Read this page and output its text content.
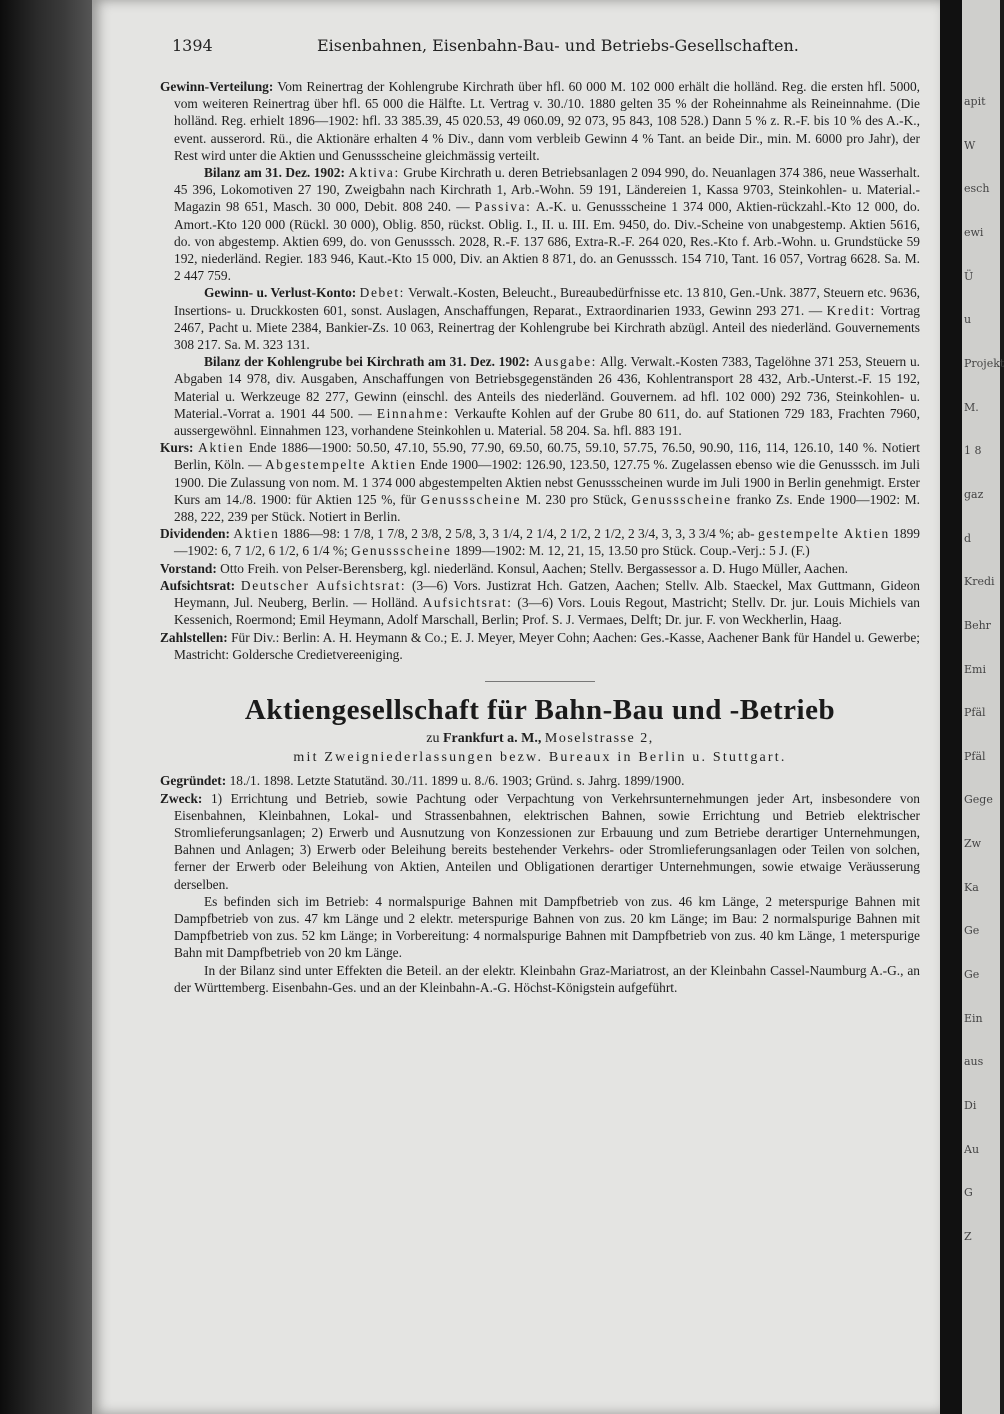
apit
W
esch
ewi
Ü
u
Projekt
M.
1 8
gaz
d
Kredi
Behr
Emi
Pfäl
Pfäl
Gege
Zw
Ka
Ge
Ge
Ein
aus
Di
Au
G
Z
1394	Eisenbahnen, Eisenbahn-Bau- und Betriebs-Gesellschaften.

Gewinn-Verteilung: Vom Reinertrag der Kohlengrube Kirchrath über hfl. 60 000 M. 102 000 erhält die holländ. Reg. die ersten hfl. 5000, vom weiteren Reinertrag über hfl. 65 000 die Hälfte. Lt. Vertrag v. 30./10. 1880 gelten 35 % der Roheinnahme als Reineinnahme. (Die holländ. Reg. erhielt 1896—1902: hfl. 33 385.39, 45 020.53, 49 060.09, 92 073, 95 843, 108 528.) Dann 5 % z. R.-F. bis 10 % des A.-K., event. ausserord. Rü., die Aktionäre erhalten 4 % Div., dann vom verbleib Gewinn 4 % Tant. an beide Dir., min. M. 6000 pro Jahr), der Rest wird unter die Aktien und Genussscheine gleichmässig verteilt.

Bilanz am 31. Dez. 1902: Aktiva: Grube Kirchrath u. deren Betriebsanlagen 2 094 990, do. Neuanlagen 374 386, neue Wasserhalt. 45 396, Lokomotiven 27 190, Zweigbahn nach Kirchrath 1, Arb.-Wohn. 59 191, Ländereien 1, Kassa 9703, Steinkohlen- u. Material.-Magazin 98 651, Masch. 30 000, Debit. 808 240. — Passiva: A.-K. u. Genussscheine 1 374 000, Aktien-rückzahl.-Kto 12 000, do. Amort.-Kto 120 000 (Rückl. 30 000), Oblig. 850, rückst. Oblig. I., II. u. III. Em. 9450, do. Div.-Scheine von unabgestemp. Aktien 5616, do. von abgestemp. Aktien 699, do. von Genusssch. 2028, R.-F. 137 686, Extra-R.-F. 264 020, Res.-Kto f. Arb.-Wohn. u. Grundstücke 59 192, niederländ. Regier. 183 946, Kaut.-Kto 15 000, Div. an Aktien 8 871, do. an Genusssch. 154 710, Tant. 16 057, Vortrag 6628. Sa. M. 2 447 759.

Gewinn- u. Verlust-Konto: Debet: Verwalt.-Kosten, Beleucht., Bureaubedürfnisse etc. 13 810, Gen.-Unk. 3877, Steuern etc. 9636, Insertions- u. Druckkosten 601, sonst. Auslagen, Anschaffungen, Reparat., Extraordinarien 1933, Gewinn 293 271. — Kredit: Vortrag 2467, Pacht u. Miete 2384, Bankier-Zs. 10 063, Reinertrag der Kohlengrube bei Kirchrath abzügl. Anteil des niederländ. Gouvernements 308 217. Sa. M. 323 131.

Bilanz der Kohlengrube bei Kirchrath am 31. Dez. 1902: Ausgabe: Allg. Verwalt.-Kosten 7383, Tagelöhne 371 253, Steuern u. Abgaben 14 978, div. Ausgaben, Anschaffungen von Betriebsgegenständen 26 436, Kohlentransport 28 432, Arb.-Unterst.-F. 15 192, Material u. Werkzeuge 82 277, Gewinn (einschl. des Anteils des niederländ. Gouvernem. ad hfl. 102 000) 292 736, Steinkohlen- u. Material.-Vorrat a. 1901 44 500. — Einnahme: Verkaufte Kohlen auf der Grube 80 611, do. auf Stationen 729 183, Frachten 7960, aussergewöhnl. Einnahmen 123, vorhandene Steinkohlen u. Material. 58 204. Sa. hfl. 883 191.

Kurs: Aktien Ende 1886—1900: 50.50, 47.10, 55.90, 77.90, 69.50, 60.75, 59.10, 57.75, 76.50, 90.90, 116, 114, 126.10, 140 %. Notiert Berlin, Köln. — Abgestempelte Aktien Ende 1900—1902: 126.90, 123.50, 127.75 %. Zugelassen ebenso wie die Genusssch. im Juli 1900. Die Zulassung von nom. M. 1 374 000 abgestempelten Aktien nebst Genussscheinen wurde im Juli 1900 in Berlin genehmigt. Erster Kurs am 14./8. 1900: für Aktien 125 %, für Genussscheine M. 230 pro Stück, Genussscheine franko Zs. Ende 1900—1902: M. 288, 222, 239 per Stück. Notiert in Berlin.

Dividenden: Aktien 1886—98: 1 7/8, 1 7/8, 2 3/8, 2 5/8, 3, 3 1/4, 2 1/4, 2 1/2, 2 1/2, 2 3/4, 3, 3, 3 3/4 %; ab- gestempelte Aktien 1899—1902: 6, 7 1/2, 6 1/2, 6 1/4 %; Genussscheine 1899—1902: M. 12, 21, 15, 13.50 pro Stück. Coup.-Verj.: 5 J. (F.)

Vorstand: Otto Freih. von Pelser-Berensberg, kgl. niederländ. Konsul, Aachen; Stellv. Bergassessor a. D. Hugo Müller, Aachen.

Aufsichtsrat: Deutscher Aufsichtsrat: (3—6) Vors. Justizrat Hch. Gatzen, Aachen; Stellv. Alb. Staeckel, Max Guttmann, Gideon Heymann, Jul. Neuberg, Berlin. — Holländ. Aufsichtsrat: (3—6) Vors. Louis Regout, Mastricht; Stellv. Dr. jur. Louis Michiels van Kessenich, Roermond; Emil Heymann, Adolf Marschall, Berlin; Prof. S. J. Vermaes, Delft; Dr. jur. F. von Weckherlin, Haag.

Zahlstellen: Für Div.: Berlin: A. H. Heymann & Co.; E. J. Meyer, Meyer Cohn; Aachen: Ges.-Kasse, Aachener Bank für Handel u. Gewerbe; Mastricht: Goldersche Credietvereeniging.

Aktiengesellschaft für Bahn-Bau und -Betrieb

zu Frankfurt a. M., Moselstrasse 2,

mit Zweigniederlassungen bezw. Bureaux in Berlin u. Stuttgart.

Gegründet: 18./1. 1898. Letzte Statutänd. 30./11. 1899 u. 8./6. 1903; Gründ. s. Jahrg. 1899/1900.

Zweck: 1) Errichtung und Betrieb, sowie Pachtung oder Verpachtung von Verkehrsunternehmungen jeder Art, insbesondere von Eisenbahnen, Kleinbahnen, Lokal- und Strassenbahnen, elektrischen Bahnen, sowie Errichtung und Betrieb elektrischer Stromlieferungsanlagen; 2) Erwerb und Ausnutzung von Konzessionen zur Erbauung und zum Betriebe derartiger Unternehmungen, Bahnen und Anlagen; 3) Erwerb oder Beleihung bereits bestehender Verkehrs- oder Stromlieferungsanlagen oder Teilen von solchen, ferner der Erwerb oder Beleihung von Aktien, Anteilen und Obligationen derartiger Unternehmungen, sowie etwaige Veräusserung derselben.

Es befinden sich im Betrieb: 4 normalspurige Bahnen mit Dampfbetrieb von zus. 46 km Länge, 2 meterspurige Bahnen mit Dampfbetrieb von zus. 47 km Länge und 2 elektr. meterspurige Bahnen von zus. 20 km Länge; im Bau: 2 normalspurige Bahnen mit Dampfbetrieb von zus. 52 km Länge; in Vorbereitung: 4 normalspurige Bahnen mit Dampfbetrieb von zus. 40 km Länge, 1 meterspurige Bahn mit Dampfbetrieb von 20 km Länge.

In der Bilanz sind unter Effekten die Beteil. an der elektr. Kleinbahn Graz-Mariatrost, an der Kleinbahn Cassel-Naumburg A.-G., an der Württemberg. Eisenbahn-Ges. und an der Kleinbahn-A.-G. Höchst-Königstein aufgeführt.
